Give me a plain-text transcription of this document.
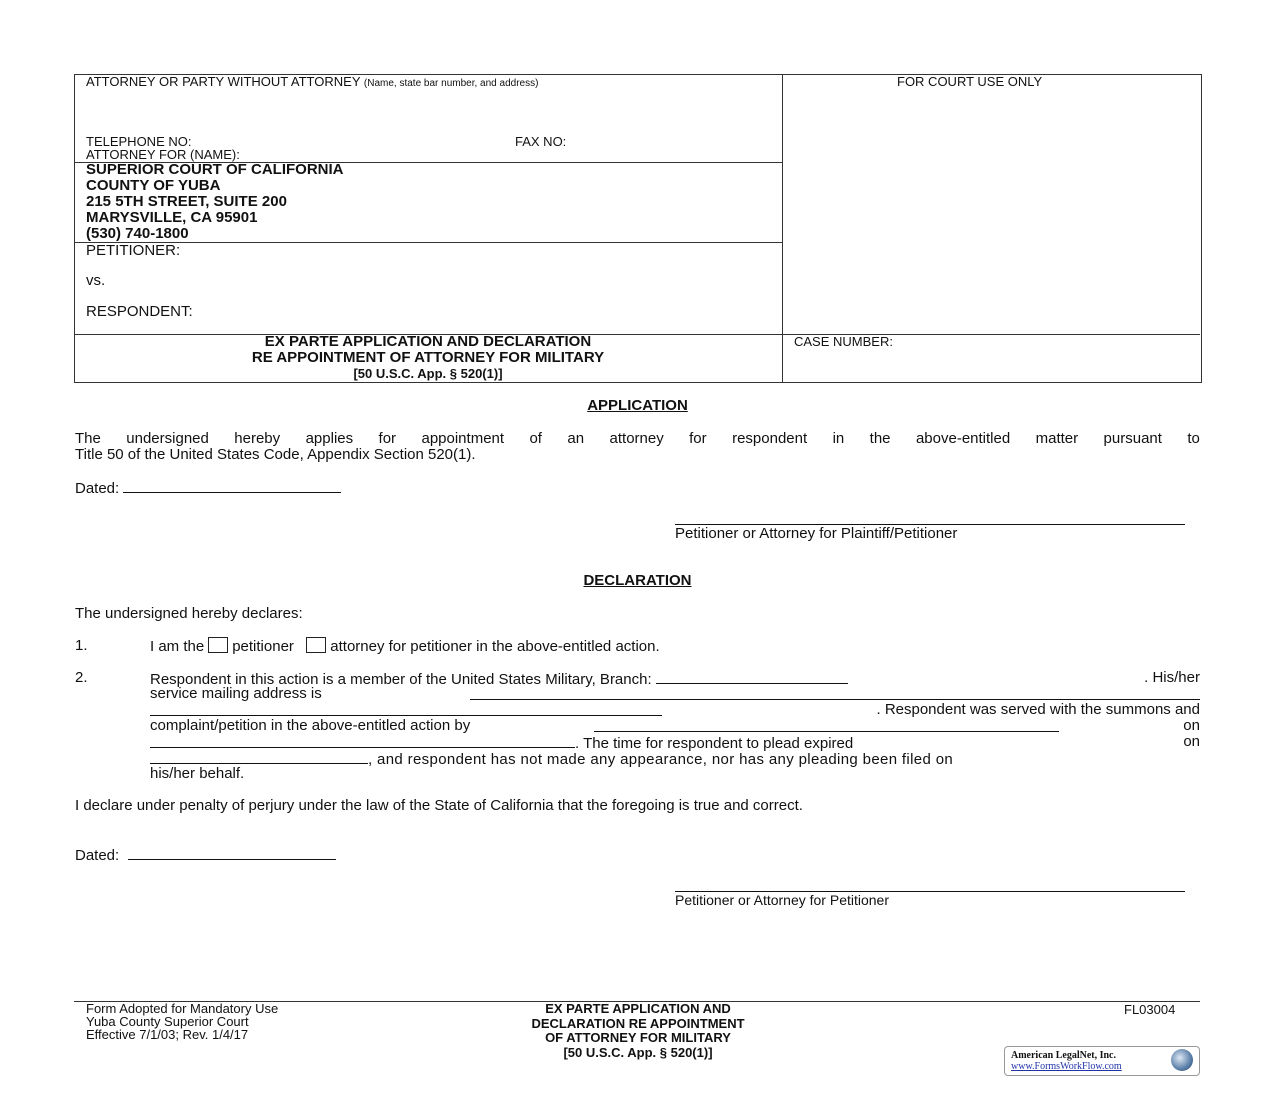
ATTORNEY OR PARTY WITHOUT ATTORNEY (Name, state bar number, and address)	FOR COURT USE ONLY
TELEPHONE NO:	FAX NO:
ATTORNEY FOR (NAME):
SUPERIOR COURT OF CALIFORNIA
COUNTY OF YUBA
215 5TH STREET, SUITE 200
MARYSVILLE, CA 95901
(530) 740-1800
PETITIONER:
vs.
RESPONDENT:
EX PARTE APPLICATION AND DECLARATION
RE APPOINTMENT OF ATTORNEY FOR MILITARY
[50 U.S.C. App. § 520(1)]
CASE NUMBER:
APPLICATION
The undersigned hereby applies for appointment of an attorney for respondent in the above-entitled matter pursuant to
Title 50 of the United States Code, Appendix Section 520(1).
Dated:
Petitioner or Attorney for Plaintiff/Petitioner
DECLARATION
The undersigned hereby declares:
1.	I am the petitioner attorney for petitioner in the above-entitled action.
2.	Respondent in this action is a member of the United States Military, Branch:	. His/her
service mailing address is
. Respondent was served with the summons and
complaint/petition in the above-entitled action by	on
. The time for respondent to plead expired	on
, and respondent has not made any appearance, nor has any pleading been filed on
his/her behalf.
I declare under penalty of perjury under the law of the State of California that the foregoing is true and correct.
Dated:
Petitioner or Attorney for Petitioner
Form Adopted for Mandatory Use
Yuba County Superior Court
Effective 7/1/03; Rev. 1/4/17
EX PARTE APPLICATION AND
DECLARATION RE APPOINTMENT
OF ATTORNEY FOR MILITARY
[50 U.S.C. App. § 520(1)]
FL03004
American LegalNet, Inc.
www.FormsWorkFlow.com
